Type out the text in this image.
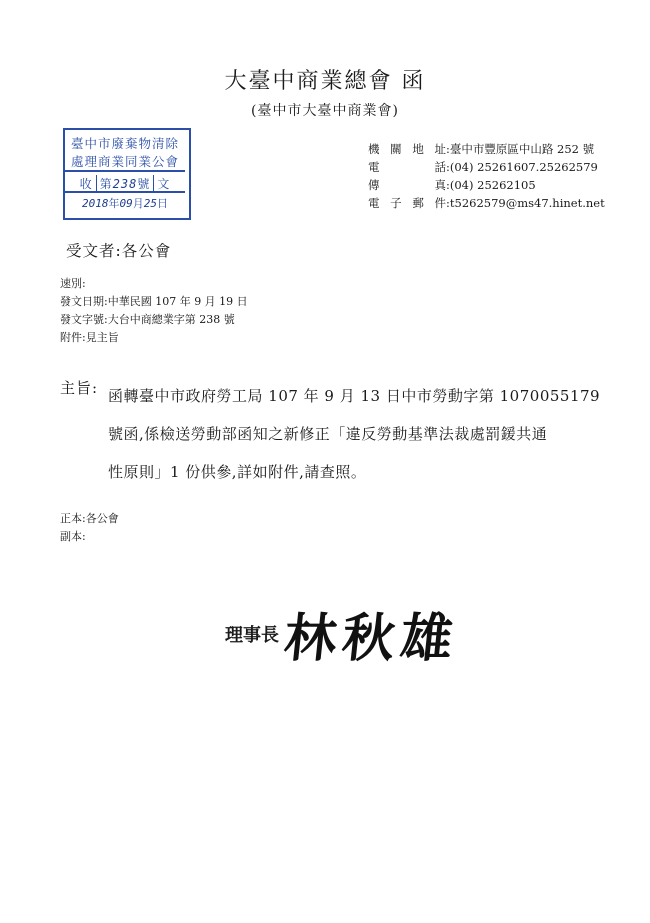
大臺中商業總會 函
(臺中市大臺中商業會)
臺中市廢棄物清除
處理商業同業公會
收 第238號 文
2018年09月25日
機關地址:臺中市豐原區中山路 252 號
電　　話:(04) 25261607.25262579
傳　　真:(04) 25262105
電子郵件:t5262579@ms47.hinet.net
受文者:各公會
速別:
發文日期:中華民國 107 年 9 月 19 日
發文字號:大台中商總業字第 238 號
附件:見主旨
主旨: 函轉臺中市政府勞工局 107 年 9 月 13 日中市勞動字第 1070055179
號函,係檢送勞動部函知之新修正「違反勞動基準法裁處罰鍰共通
性原則」1 份供參,詳如附件,請查照。
正本:各公會
副本:
理事長 林秋雄
